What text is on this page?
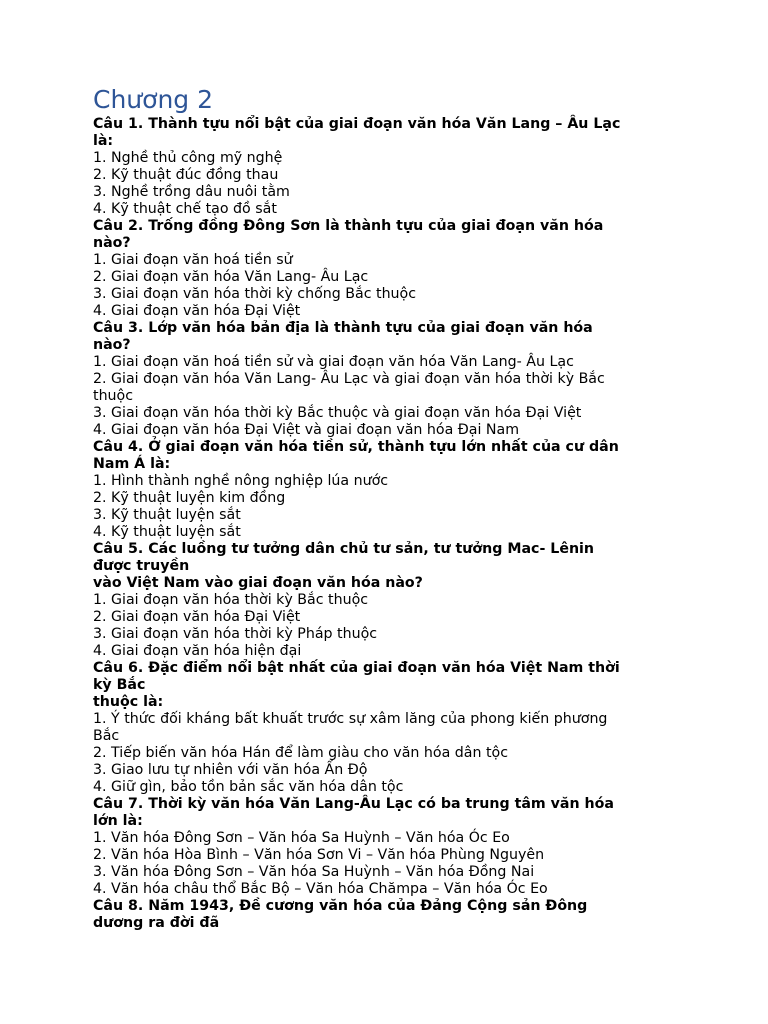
Chương 2
Câu 1. Thành tựu nổi bật của giai đoạn văn hóa Văn Lang – Âu Lạc
là:
1. Nghề thủ công mỹ nghệ
2. Kỹ thuật đúc đồng thau
3. Nghề trồng dâu nuôi tằm
4. Kỹ thuật chế tạo đồ sắt
Câu 2. Trống đồng Đông Sơn là thành tựu của giai đoạn văn hóa
nào?
1. Giai đoạn văn hoá tiền sử
2. Giai đoạn văn hóa Văn Lang- Âu Lạc
3. Giai đoạn văn hóa thời kỳ chống Bắc thuộc
4. Giai đoạn văn hóa Đại Việt
Câu 3. Lớp văn hóa bản địa là thành tựu của giai đoạn văn hóa
nào?
1. Giai đoạn văn hoá tiền sử và giai đoạn văn hóa Văn Lang- Âu Lạc
2. Giai đoạn văn hóa Văn Lang- Âu Lạc và giai đoạn văn hóa thời kỳ Bắc
thuộc
3. Giai đoạn văn hóa thời kỳ Bắc thuộc và giai đoạn văn hóa Đại Việt
4. Giai đoạn văn hóa Đại Việt và giai đoạn văn hóa Đại Nam
Câu 4. Ở giai đoạn văn hóa tiền sử, thành tựu lớn nhất của cư dân
Nam Á là:
1. Hình thành nghề nông nghiệp lúa nước
2. Kỹ thuật luyện kim đồng
3. Kỹ thuật luyện sắt
4. Kỹ thuật luyện sắt
Câu 5. Các luồng tư tưởng dân chủ tư sản, tư tưởng Mac- Lênin
được truyền
vào Việt Nam vào giai đoạn văn hóa nào?
1. Giai đoạn văn hóa thời kỳ Bắc thuộc
2. Giai đoạn văn hóa Đại Việt
3. Giai đoạn văn hóa thời kỳ Pháp thuộc
4. Giai đoạn văn hóa hiện đại
Câu 6. Đặc điểm nổi bật nhất của giai đoạn văn hóa Việt Nam thời
kỳ Bắc
thuộc là:
1. Ý thức đối kháng bất khuất trước sự xâm lăng của phong kiến phương
Bắc
2. Tiếp biến văn hóa Hán để làm giàu cho văn hóa dân tộc
3. Giao lưu tự nhiên với văn hóa Ấn Độ
4. Giữ gìn, bảo tồn bản sắc văn hóa dân tộc
Câu 7. Thời kỳ văn hóa Văn Lang-Âu Lạc có ba trung tâm văn hóa
lớn là:
1. Văn hóa Đông Sơn – Văn hóa Sa Huỳnh – Văn hóa Óc Eo
2. Văn hóa Hòa Bình – Văn hóa Sơn Vi – Văn hóa Phùng Nguyên
3. Văn hóa Đông Sơn – Văn hóa Sa Huỳnh – Văn hóa Đồng Nai
4. Văn hóa châu thổ Bắc Bộ – Văn hóa Chămpa – Văn hóa Óc Eo
Câu 8. Năm 1943, Đề cương văn hóa của Đảng Cộng sản Đông
dương ra đời đã
